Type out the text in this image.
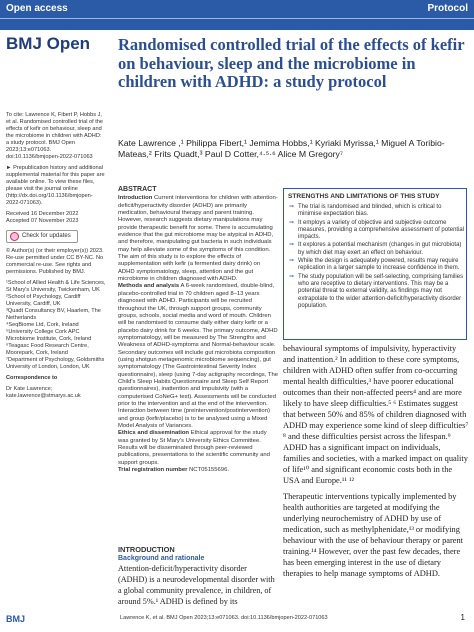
Open access	Protocol
BMJ Open Randomised controlled trial of the effects of kefir on behaviour, sleep and the microbiome in children with ADHD: a study protocol
Kate Lawrence ,¹ Philippa Fibert,¹ Jemima Hobbs,¹ Kyriaki Myrissa,¹ Miguel A Toribio-Mateas,² Frits Quadt,³ Paul D Cotter,⁴·⁵·⁶ Alice M Gregory⁷

To cite: Lawrence K, Fibert P, Hobbs J, et al. Randomised controlled trial of the effects of kefir on behaviour, sleep and the microbiome in children with ADHD: a study protocol. BMJ Open 2023;13:e071063. doi:10.1136/bmjopen-2022-071063

► Prepublication history and additional supplemental material for this paper are available online. To view these files, please visit the journal online (http://dx.doi.org/10.1136/bmjopen-2022-071063).

Received 16 December 2022

Accepted 07 November 2023

Check for updates

© Author(s) (or their employer(s)) 2023. Re-use permitted under CC BY-NC. No commercial re-use. See rights and permissions. Published by BMJ.

¹School of Allied Health & Life Sciences, St Mary's University, Twickenham, UK

²School of Psychology, Cardiff University, Cardiff, UK

³Quadt Consultancy BV, Haarlem, The Netherlands

⁴SeqBiome Ltd, Cork, Ireland

⁵University College Cork APC Microbiome Institute, Cork, Ireland

⁶Teagasc Food Research Centre, Moorepark, Cork, Ireland

⁷Department of Psychology, Goldsmiths University of London, London, UK

Correspondence to

Dr Kate Lawrence; kate.lawrence@stmarys.ac.uk

ABSTRACT

Introduction Current interventions for children with attention-deficit/hyperactivity disorder (ADHD) are primarily medication, behavioural therapy and parent training. However, research suggests dietary manipulations may provide therapeutic benefit for some. There is accumulating evidence that the gut microbiome may be atypical in ADHD, and therefore, manipulating gut bacteria in such individuals may help alleviate some of the symptoms of this condition. The aim of this study is to explore the effects of supplementation with kefir (a fermented dairy drink) on ADHD symptomatology, sleep, attention and the gut microbiome in children diagnosed with ADHD.

Methods and analysis A 6-week randomised, double-blind, placebo-controlled trial in 70 children aged 8–13 years diagnosed with ADHD. Participants will be recruited throughout the UK, through support groups, community groups, schools, social media and word of mouth. Children will be randomised to consume daily either dairy kefir or a placebo dairy drink for 6 weeks. The primary outcome, ADHD symptomatology, will be measured by The Strengths and Weakness of ADHD-symptoms and Normal-behaviour scale. Secondary outcomes will include gut microbiota composition (using shotgun metagenomic microbiome sequencing), gut symptomatology (The Gastrointestinal Severity Index questionnaire), sleep (using 7-day actigraphy recordings, The Child's Sleep Habits Questionnaire and Sleep Self Report questionnaires), inattention and impulsivity (with a computerised CoNeG+ test). Assessments will be conducted prior to the intervention and at the end of the intervention. Interaction between time (preintervention/postintervention) and group (kefir/placebo) is to be analysed using a Mixed Model Analysis of Variances.

Ethics and dissemination Ethical approval for the study was granted by St Mary's University Ethics Committee. Results will be disseminated through peer-reviewed publications, presentations to the scientific community and support groups.

Trial registration number NCT05155696.

INTRODUCTION
Background and rationale
Attention-deficit/hyperactivity disorder (ADHD) is a neurodevelopmental disorder with a global community prevalence, in children, of around 5%.¹ ADHD is defined by its
STRENGTHS AND LIMITATIONS OF THIS STUDY
⇒ The trial is randomised and blinded, which is critical to minimise expectation bias.
⇒ It employs a variety of objective and subjective outcome measures, providing a comprehensive assessment of potential impacts.
⇒ It explores a potential mechanism (changes in gut microbiota) by which diet may exert an effect on behaviour.
⇒ While the design is adequately powered, results may require replication in a larger sample to increase confidence in them.
⇒ The study population will be self-selecting, comprising families who are receptive to dietary interventions. This may be a potential threat to external validity, as findings may not extrapolate to the wider attention-deficit/hyperactivity disorder population.

behavioural symptoms of impulsivity, hyperactivity and inattention.² In addition to these core symptoms, children with ADHD often suffer from co-occurring mental health difficulties,³ have poorer educational outcomes than their non-affected peers⁴ and are more likely to have sleep difficulties.⁵ ⁶ Estimates suggest that between 50% and 85% of children diagnosed with ADHD may experience some kind of sleep difficulties⁷ ⁸ and these difficulties persist across the lifespan.⁹ ADHD has a significant impact on individuals, families and societies, with a marked impact on quality of life¹⁰ and significant economic costs both in the USA and Europe.¹¹ ¹²

Therapeutic interventions typically implemented by health authorities are targeted at modifying the underlying neurochemistry of ADHD by use of medication, such as methylphenidate,¹³ or modifying behaviour with the use of behaviour therapy or parent training.¹⁴ However, over the past few decades, there has been emerging interest in the use of dietary therapies to help manage symptoms of ADHD.

BMJ	Lawrence K, et al. BMJ Open 2023;13:e071063. doi:10.1136/bmjopen-2022-071063	1
